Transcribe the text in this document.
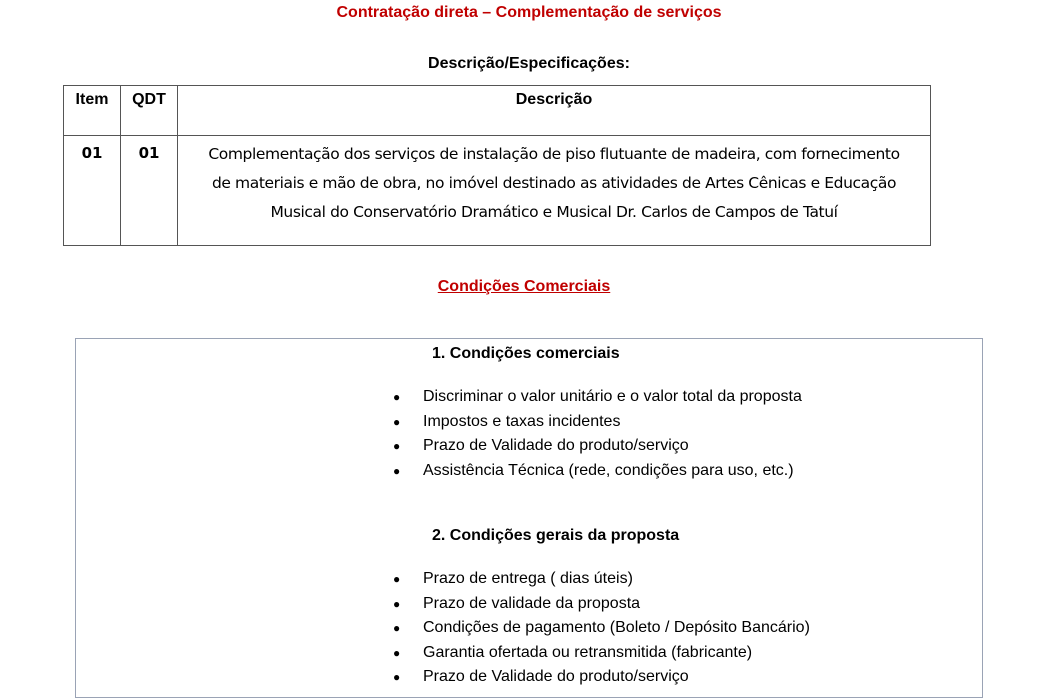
Contratação direta – Complementação de serviços
Descrição/Especificações:
Item	QDT	Descrição
01	01	Complementação dos serviços de instalação de piso flutuante de madeira, com fornecimento
de materiais e mão de obra, no imóvel destinado as atividades de Artes Cênicas e Educação
Musical do Conservatório Dramático e Musical Dr. Carlos de Campos de Tatuí
Condições Comerciais
1. Condições comerciais
● Discriminar o valor unitário e o valor total da proposta
● Impostos e taxas incidentes
● Prazo de Validade do produto/serviço
● Assistência Técnica (rede, condições para uso, etc.)
2. Condições gerais da proposta
● Prazo de entrega ( dias úteis)
● Prazo de validade da proposta
● Condições de pagamento (Boleto / Depósito Bancário)
● Garantia ofertada ou retransmitida (fabricante)
● Prazo de Validade do produto/serviço
